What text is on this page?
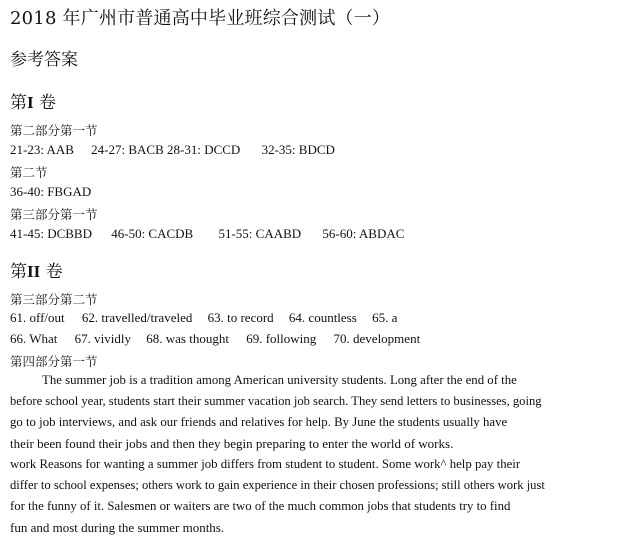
2018 年广州市普通高中毕业班综合测试（一）
参考答案
第I 卷
第二部分第一节
21-23: AAB 24-27: BACB 28-31: DCCD 32-35: BDCD
第二节
36-40: FBGAD
第三部分第一节
41-45: DCBBD 46-50: CACDB 51-55: CAABD 56-60: ABDAC
第II 卷
第三部分第二节
61. off/out 62. travelled/traveled 63. to record 64. countless 65. a
66. What 67. vividly 68. was thought 69. following 70. development
第四部分第一节
The summer job is a tradition among American university students. Long after the end of the
before school year, students start their summer vacation job search. They send letters to businesses, going
go to job interviews, and ask our friends and relatives for help. By June the students usually have
their been found their jobs and then they begin preparing to enter the world of works.
work Reasons for wanting a summer job differs from student to student. Some work^ help pay their
differ to school expenses; others work to gain experience in their chosen professions; still others work just
for the funny of it. Salesmen or waiters are two of the much common jobs that students try to find
fun and most during the summer months.
